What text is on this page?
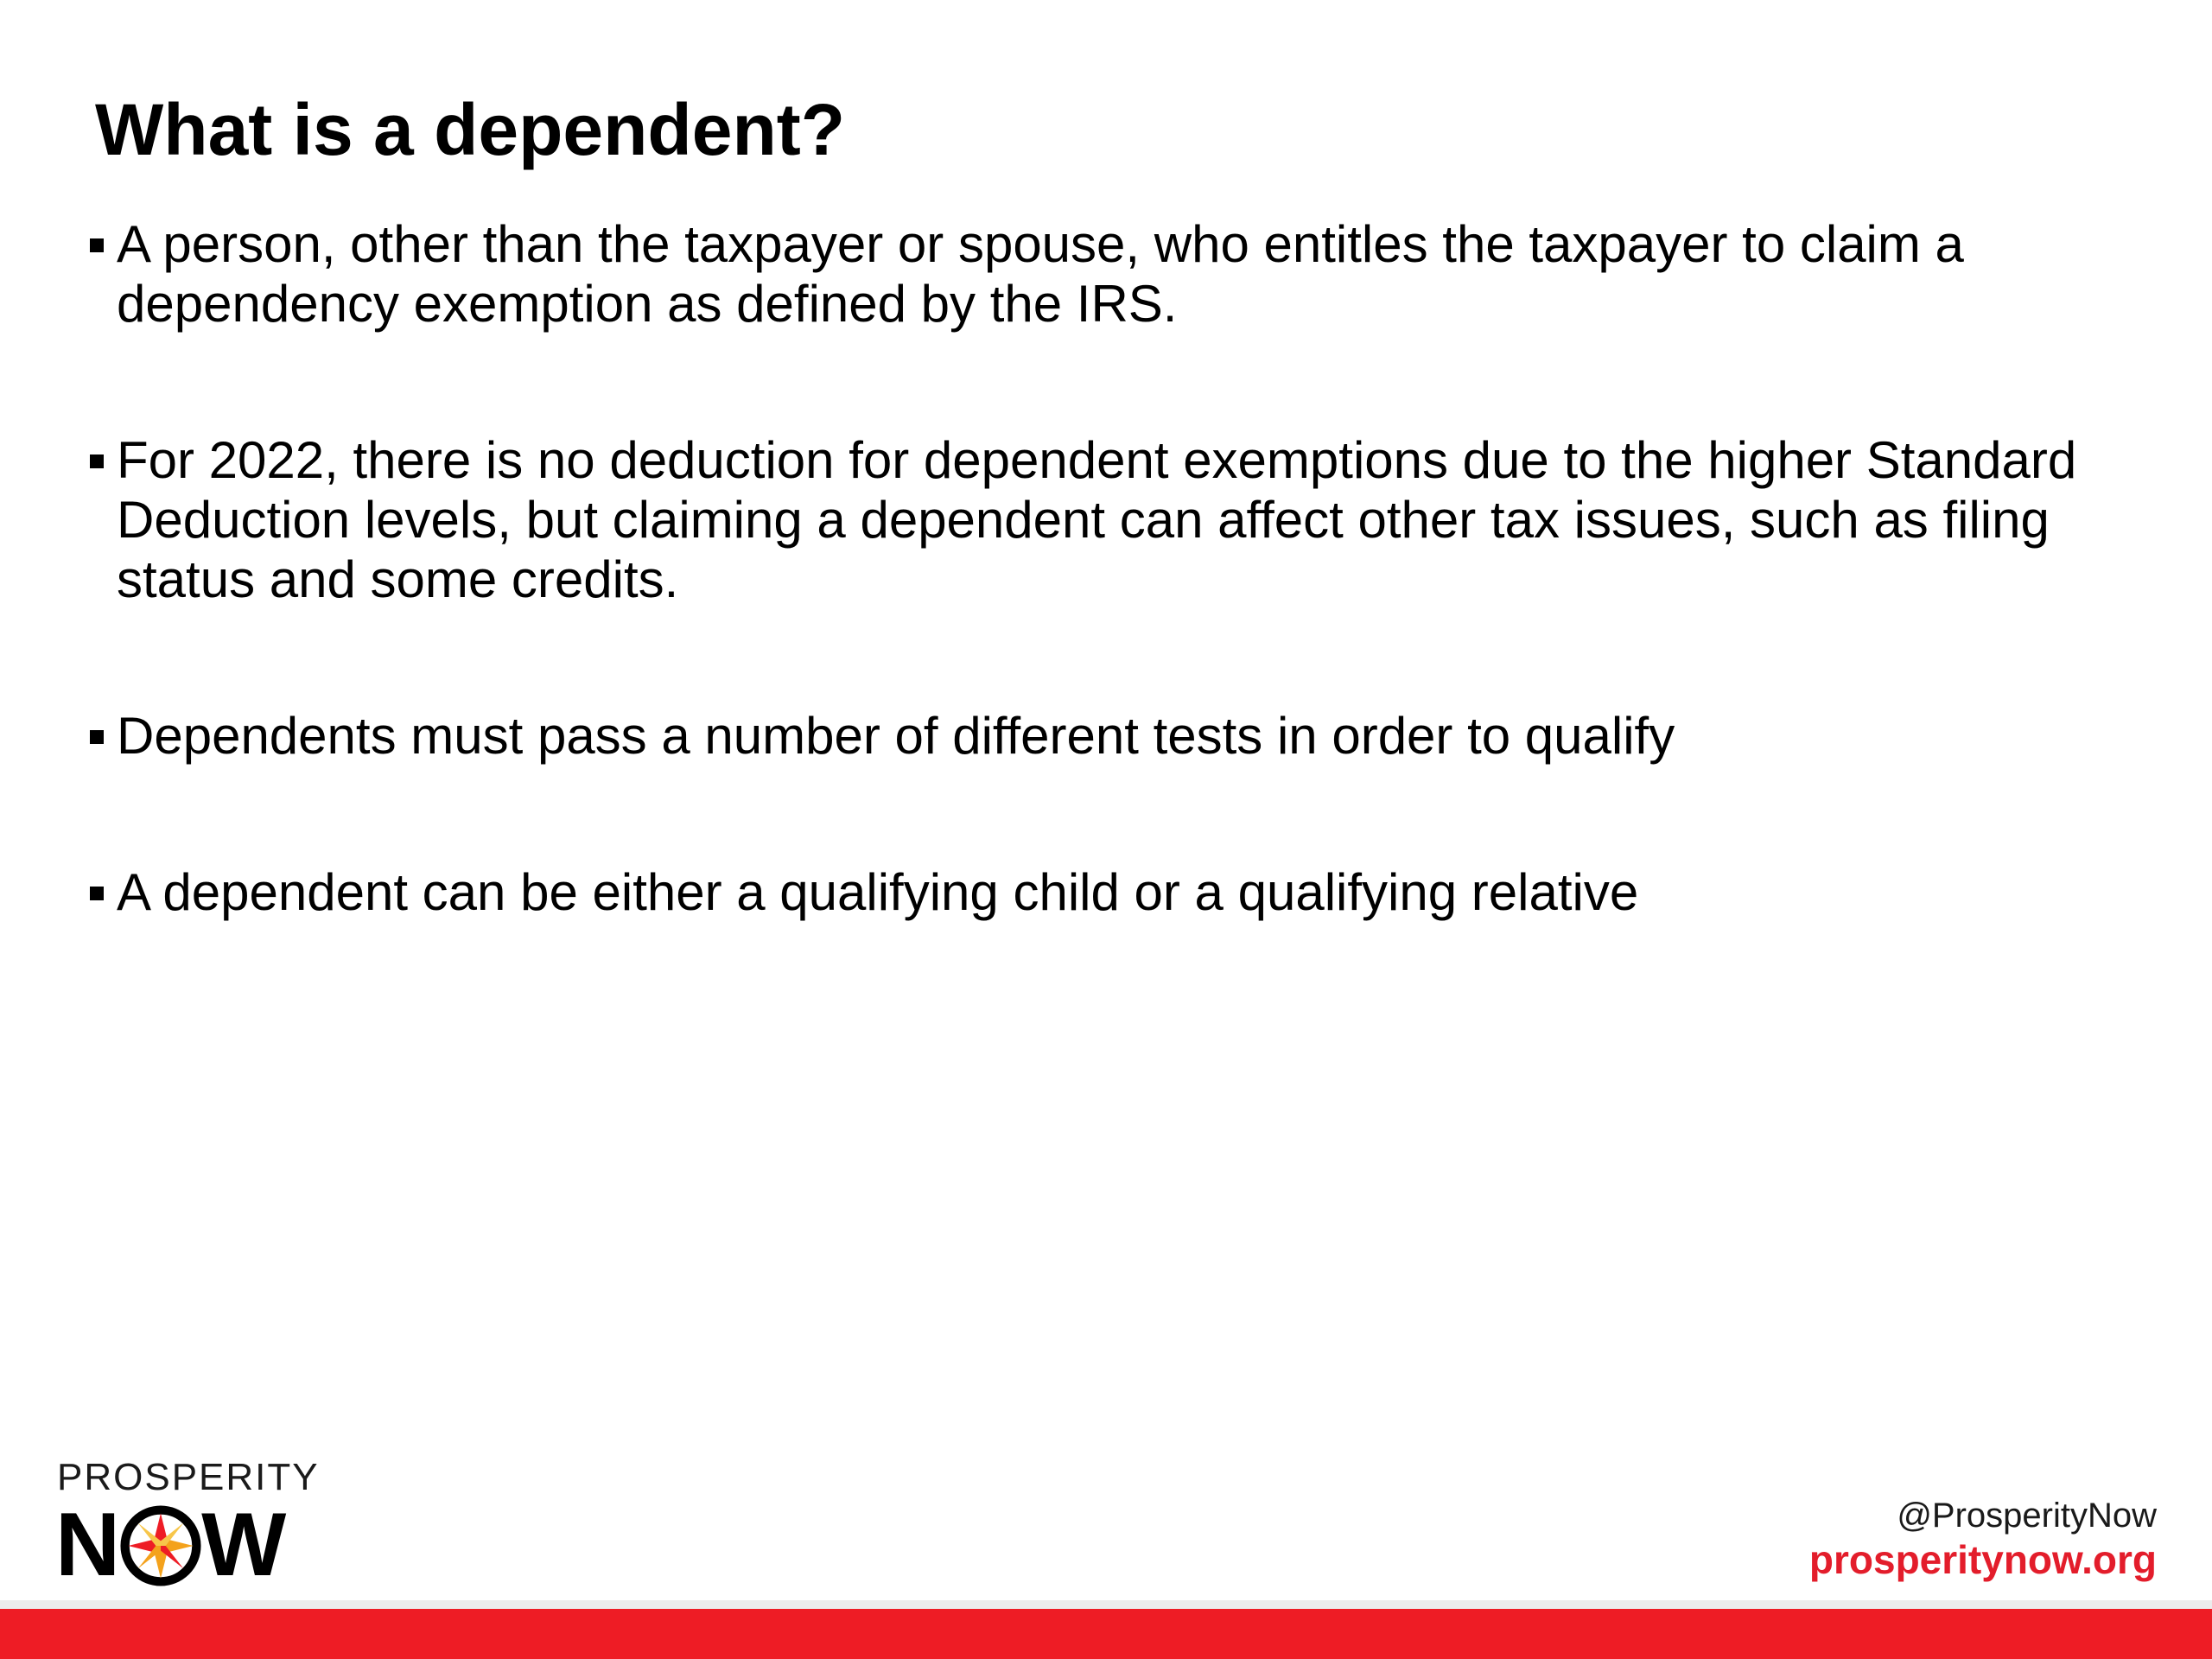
What is a dependent?
A person, other than the taxpayer or spouse, who entitles the taxpayer to claim a dependency exemption as defined by the IRS.
For 2022, there is no deduction for dependent exemptions due to the higher Standard Deduction levels, but claiming a dependent can affect other tax issues, such as filing status and some credits.
Dependents must pass a number of different tests in order to qualify
A dependent can be either a qualifying child or a qualifying relative
PROSPERITY
N W	@ProsperityNow
prosperitynow.org
